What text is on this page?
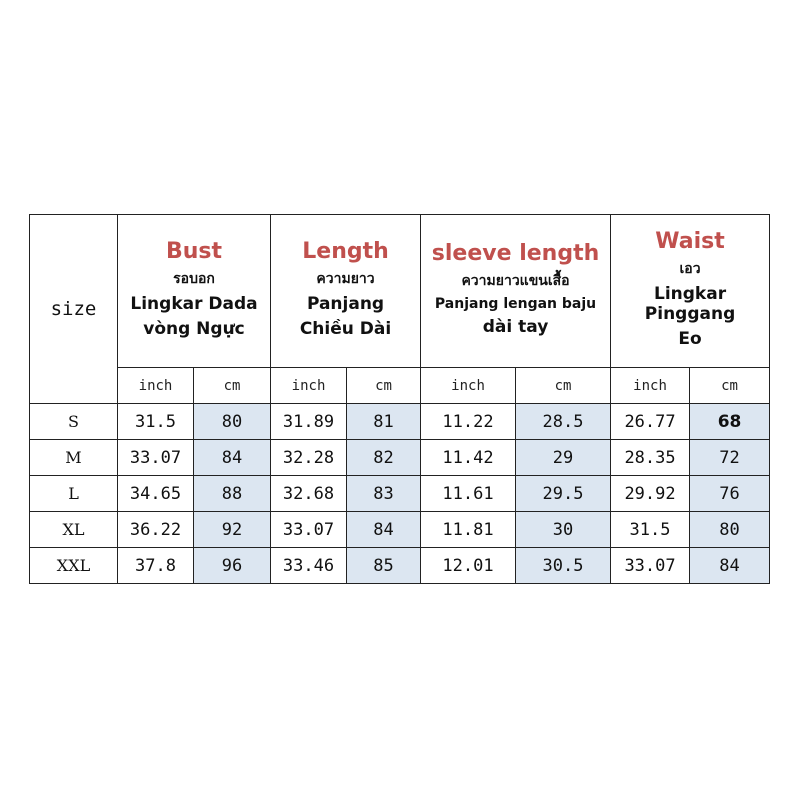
size	Bust
รอบอก
Lingkar Dada
vòng Ngực		Length
ความยาว
Panjang
Chiều Dài		sleeve length
ความยาวแขนเสื้อ
Panjang lengan baju
dài tay		Waist
เอว
Lingkar Pinggang
Eo	

	inch	cm	inch	cm	inch	cm	inch	cm
S	31.5	80	31.89	81	11.22	28.5	26.77	68
M	33.07	84	32.28	82	11.42	29	28.35	72
L	34.65	88	32.68	83	11.61	29.5	29.92	76
XL	36.22	92	33.07	84	11.81	30	31.5	80
XXL	37.8	96	33.46	85	12.01	30.5	33.07	84
